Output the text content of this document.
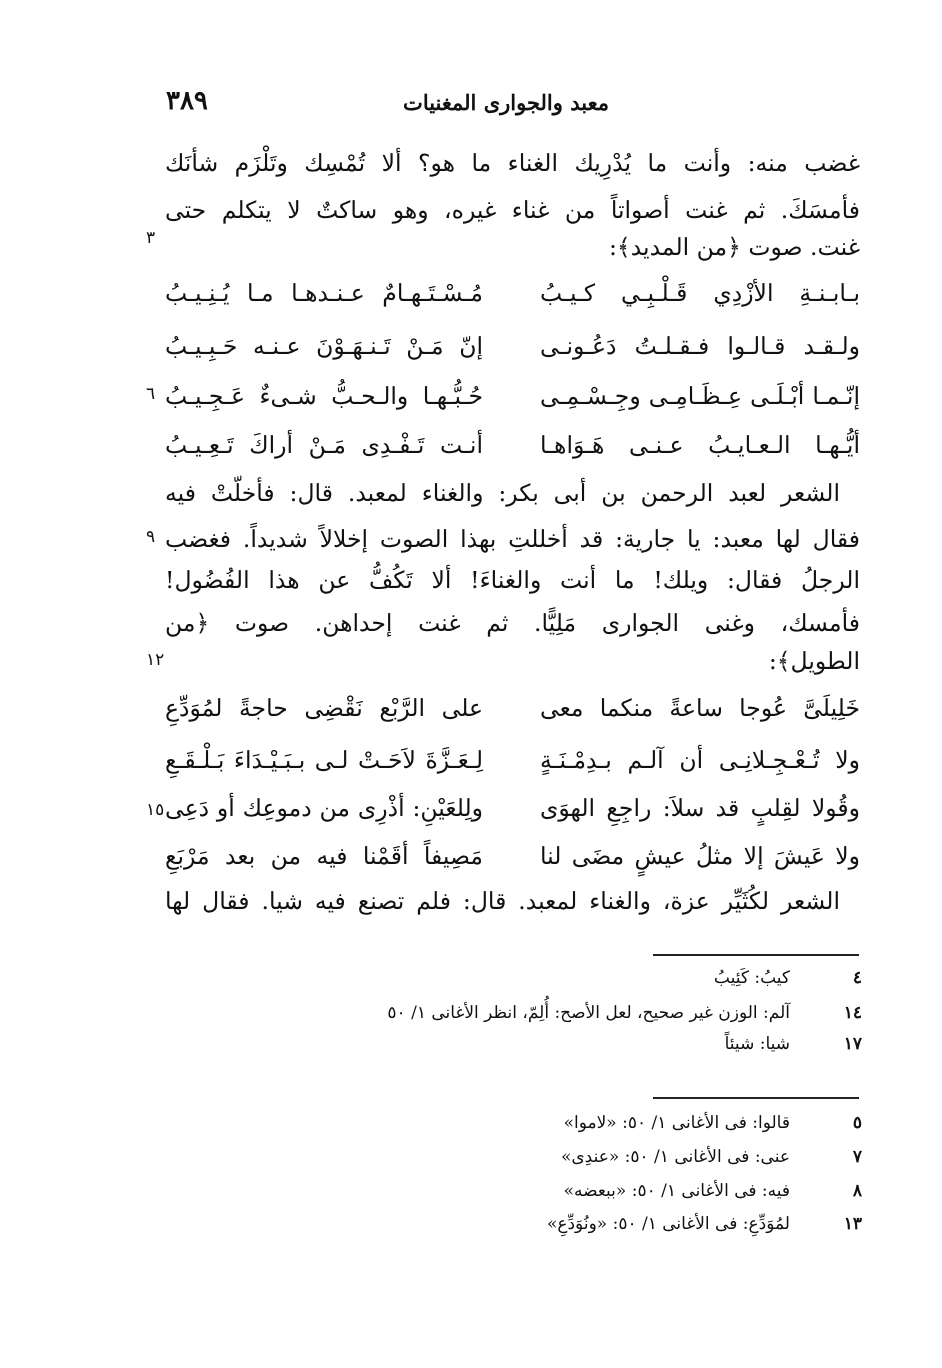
٣٨٩	معبد والجوارى المغنيات
غضب منه: وأنت ما يُدْرِيك الغناء ما هو؟ ألا تُمْسِك وتَلْزَم شأنَك
فأمسَكَ. ثم غنت أصواتاً من غناء غيره، وهو ساكتٌ لا يتكلم حتى
غنت. صوت ﴿من المديد﴾:
٣
بـابـنـةِ الأزْدِي قَـلْـبِـي كـيـبُ
مُـسْـتَـهـامٌ عـنـدهـا مـا يُـنِـيـبُ
ولـقـد قـالـوا فـقـلـتُ دَعُـونـى
إنّ مَـنْ تَـنـهَـوْنَ عـنـه حَـبِـيـبُ
إنّـمـا أبْـلَـى عِـظَـامِـى وجِـسْـمِـى
حُـبُّـهـا والـحـبُّ شـىءٌ عَـجِـيـبُ
٦
أيُّـهـا الـعـايـبُ عـنـى هَـوَاهـا
أنـت تَـفْـدِى مَـنْ أراكَ تَـعِـيـبُ
الشعر لعبد الرحمن بن أبى بكر: والغناء لمعبد. قال: فأخلّتْ فيه
فقال لها معبد: يا جارية: قد أخللتِ بهذا الصوت إخلالاً شديداً. فغضب
٩
الرجلُ فقال: ويلك! ما أنت والغناءَ! ألا تَكُفُّ عن هذا الفُضُول!
فأمسك، وغنى الجوارى مَلِيًّا. ثم غنت إحداهن. صوت ﴿من
الطويل﴾:
١٢
خَلِيلَىَّ عُوجا ساعةً منكما معى
على الرَّبْع نَقْضِى حاجةً لمُوَدِّعِ
ولا تُـعْـجِـلانِـى أن آلـم بـدِمْـنَـةٍ
لِـعَـزَّةَ لاَحَـتْ لـى بـبَـيْـدَاءَ بَـلْـقَـعِ
وقُولا لقِلبٍ قد سلاَ: راجِعِ الهوَى
ولِلعَيْنِ: أذْرِى من دموعِك أو دَعِى
١٥
ولا عَيشَ إلا مثلُ عيشٍ مضَى لنا
مَصِيفاً أقَمْنا فيه من بعد مَرْبَعِ
الشعر لكُثَيِّر عزة، والغناء لمعبد. قال: فلم تصنع فيه شيا. فقال لها
٤
كيبُ: كَئِيبُ
١٤
آلم: الوزن غير صحيح، لعل الأصح: أُلِمّ، انظر الأغانى ١/ ٥٠
١٧
شيا: شيئاً
٥
قالوا: فى الأغانى ١/ ٥٠: «لاموا»
٧
عنى: فى الأغانى ١/ ٥٠: «عندِى»
٨
فيه: فى الأغانى ١/ ٥٠: «ببعضه»
١٣
لمُوَدِّعِ: فى الأغانى ١/ ٥٠: «ونُوَدِّعِ»
